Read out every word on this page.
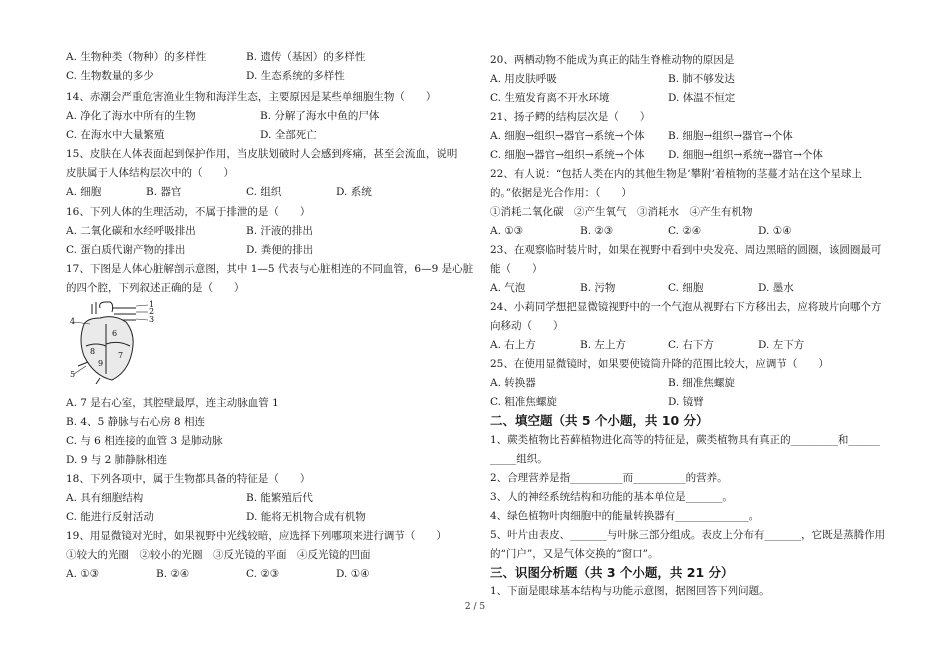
A. 生物种类（物种）的多样性	B. 遗传（基因）的多样性
C. 生物数量的多少	D. 生态系统的多样性
14、赤潮会严重危害渔业生物和海洋生态，主要原因是某些单细胞生物（　　）
A. 净化了海水中所有的生物	B. 分解了海水中鱼的尸体
C. 在海水中大量繁殖	D. 全部死亡
15、皮肤在人体表面起到保护作用，当皮肤划破时人会感到疼痛，甚至会流血，说明
皮肤属于人体结构层次中的（　　）
A. 细胞	B. 器官	C. 组织	D. 系统
16、下列人体的生理活动，不属于排泄的是（　　）
A. 二氧化碳和水经呼吸排出	B. 汗液的排出
C. 蛋白质代谢产物的排出	D. 粪便的排出
17、下图是人体心脏解剖示意图，其中 1—5 代表与心脏相连的不同血管，6—9 是心脏
的四个腔，下列叙述正确的是（　　）
1
2
3
4
5
6
7
8
9
A. 7 是右心室，其腔壁最厚，连主动脉血管 1
B. 4、5 静脉与右心房 8 相连
C. 与 6 相连接的血管 3 是肺动脉
D. 9 与 2 肺静脉相连
18、下列各项中，属于生物都具备的特征是（　　）
A. 具有细胞结构	B. 能繁殖后代
C. 能进行反射活动	D. 能将无机物合成有机物
19、用显微镜对光时，如果视野中光线较暗，应选择下列哪项来进行调节（　　）
①较大的光圈　②较小的光圈　③反光镜的平面　④反光镜的凹面
A. ①③	B. ②④	C. ②③	D. ①④
20、两栖动物不能成为真正的陆生脊椎动物的原因是
A. 用皮肤呼吸	B. 肺不够发达
C. 生殖发育离不开水环境	D. 体温不恒定
21、扬子鳄的结构层次是（　　）
A. 细胞→组织→器官→系统→个体 B. 细胞→组织→器官→个体
C. 细胞→器官→组织→系统→个体 D. 细胞→组织→系统→器官→个体
22、有人说：“包括人类在内的其他生物是‘攀附’着植物的茎蔓才站在这个星球上
的。”依据是光合作用：（　　）
①消耗二氧化碳　②产生氧气　③消耗水　④产生有机物
A. ①③	B. ②③	C. ②④	D. ①④
23、在观察临时装片时，如果在视野中看到中央发亮、周边黑暗的圆圈，该圆圈最可
能（　　）
A. 气泡	B. 污物	C. 细胞	D. 墨水
24、小莉同学想把显微镜视野中的一个气泡从视野右下方移出去，应将玻片向哪个方
向移动（　　）
A. 右上方	B. 左上方	C. 右下方	D. 左下方
25、在使用显微镜时，如果要使镜筒升降的范围比较大，应调节（　　）
A. 转换器	B. 细准焦螺旋
C. 粗准焦螺旋	D. 镜臂
二、填空题（共 5 个小题，共 10 分）
1、蕨类植物比苔藓植物进化高等的特征是，蕨类植物具有真正的_________和______
_____组织。
2、合理营养是指__________而__________的营养。
3、人的神经系统结构和功能的基本单位是_______。
4、绿色植物叶肉细胞中的能量转换器有______________。
5、叶片由表皮、_______与叶脉三部分组成。表皮上分布有_______，它既是蒸腾作用
的“门户”，又是气体交换的“窗口”。
三、识图分析题（共 3 个小题，共 21 分）
1、下面是眼球基本结构与功能示意图，据图回答下列问题。
2 / 5
